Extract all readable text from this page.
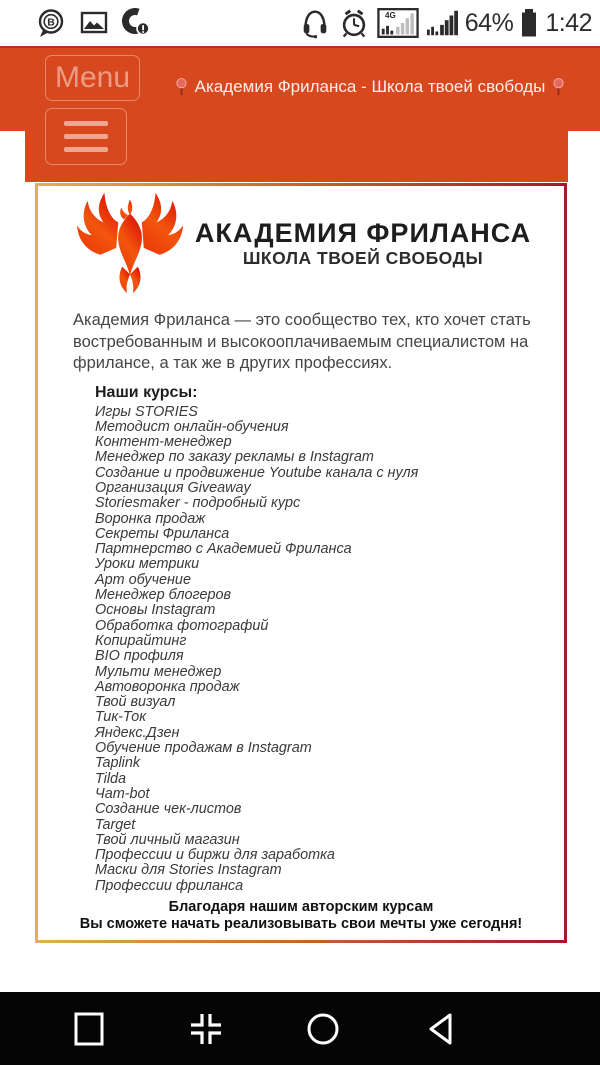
B
4G	64% 1:42
Menu	Академия Фриланса - Школа твоей свободы
АКАДЕМИЯ ФРИЛАНСА
ШКОЛА ТВОЕЙ СВОБОДЫ

Академия Фриланса — это сообщество тех, кто хочет стать востребованным и высокооплачиваемым специалистом на фрилансе, а так же в других профессиях.

Наши курсы:
Игры STORIES
Методист онлайн-обучения
Контент-менеджер
Менеджер по заказу рекламы в Instagram
Создание и продвижение Youtube канала с нуля
Организация Giveaway
Storiesmaker - подробный курс
Воронка продаж
Секреты Фриланса
Партнерство с Академией Фриланса
Уроки метрики
Арт обучение
Менеджер блогеров
Основы Instagram
Обработка фотографий
Копирайтинг
BIO профиля
Мульти менеджер
Автоворонка продаж
Твой визуал
Тик-Ток
Яндекс.Дзен
Обучение продажам в Instagram
Taplink
Tilda
Чат-bot
Создание чек-листов
Target
Твой личный магазин
Профессии и биржи для заработка
Маски для Stories Instagram
Профессии фриланса
Благодаря нашим авторским курсам
Вы сможете начать реализовывать свои мечты уже сегодня!
